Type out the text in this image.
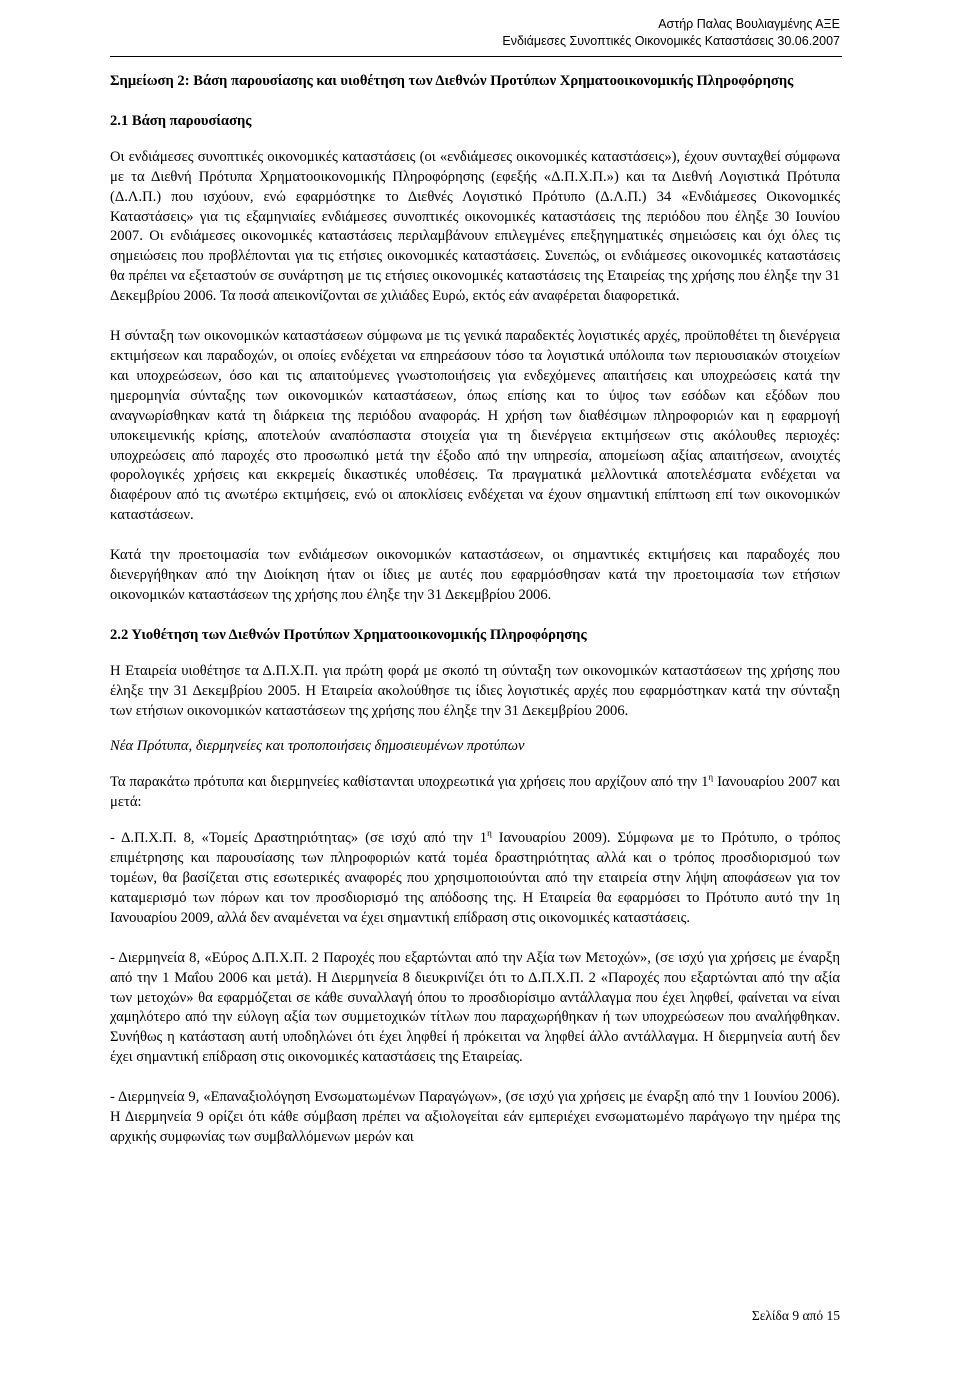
Αστήρ Παλας Βουλιαγμένης ΑΞΕ
Ενδιάμεσες Συνοπτικές Οικονομικές Καταστάσεις 30.06.2007

Σημείωση 2: Βάση παρουσίασης και υιοθέτηση των Διεθνών Προτύπων Χρηματοοικονομικής Πληροφόρησης

2.1 Βάση παρουσίασης

Οι ενδιάμεσες συνοπτικές οικονομικές καταστάσεις (οι «ενδιάμεσες οικονομικές καταστάσεις»), έχουν συνταχθεί σύμφωνα με τα Διεθνή Πρότυπα Χρηματοοικονομικής Πληροφόρησης (εφεξής «Δ.Π.Χ.Π.») και τα Διεθνή Λογιστικά Πρότυπα (Δ.Λ.Π.) που ισχύουν, ενώ εφαρμόστηκε το Διεθνές Λογιστικό Πρότυπο (Δ.Λ.Π.) 34 «Ενδιάμεσες Οικονομικές Καταστάσεις» για τις εξαμηνιαίες ενδιάμεσες συνοπτικές οικονομικές καταστάσεις της περιόδου που έληξε 30 Ιουνίου 2007. Οι ενδιάμεσες οικονομικές καταστάσεις περιλαμβάνουν επιλεγμένες επεξηγηματικές σημειώσεις και όχι όλες τις σημειώσεις που προβλέπονται για τις ετήσιες οικονομικές καταστάσεις. Συνεπώς, οι ενδιάμεσες οικονομικές καταστάσεις θα πρέπει να εξεταστούν σε συνάρτηση με τις ετήσιες οικονομικές καταστάσεις της Εταιρείας της χρήσης που έληξε την 31 Δεκεμβρίου 2006. Τα ποσά απεικονίζονται σε χιλιάδες Ευρώ, εκτός εάν αναφέρεται διαφορετικά.

Η σύνταξη των οικονομικών καταστάσεων σύμφωνα με τις γενικά παραδεκτές λογιστικές αρχές, προϋποθέτει τη διενέργεια εκτιμήσεων και παραδοχών, οι οποίες ενδέχεται να επηρεάσουν τόσο τα λογιστικά υπόλοιπα των περιουσιακών στοιχείων και υποχρεώσεων, όσο και τις απαιτούμενες γνωστοποιήσεις για ενδεχόμενες απαιτήσεις και υποχρεώσεις κατά την ημερομηνία σύνταξης των οικονομικών καταστάσεων, όπως επίσης και το ύψος των εσόδων και εξόδων που αναγνωρίσθηκαν κατά τη διάρκεια της περιόδου αναφοράς. Η χρήση των διαθέσιμων πληροφοριών και η εφαρμογή υποκειμενικής κρίσης, αποτελούν αναπόσπαστα στοιχεία για τη διενέργεια εκτιμήσεων στις ακόλουθες περιοχές: υποχρεώσεις από παροχές στο προσωπικό μετά την έξοδο από την υπηρεσία, απομείωση αξίας απαιτήσεων, ανοιχτές φορολογικές χρήσεις και εκκρεμείς δικαστικές υποθέσεις. Τα πραγματικά μελλοντικά αποτελέσματα ενδέχεται να διαφέρουν από τις ανωτέρω εκτιμήσεις, ενώ οι αποκλίσεις ενδέχεται να έχουν σημαντική επίπτωση επί των οικονομικών καταστάσεων.

Κατά την προετοιμασία των ενδιάμεσων οικονομικών καταστάσεων, οι σημαντικές εκτιμήσεις και παραδοχές που διενεργήθηκαν από την Διοίκηση ήταν οι ίδιες με αυτές που εφαρμόσθησαν κατά την προετοιμασία των ετήσιων οικονομικών καταστάσεων της χρήσης που έληξε την 31 Δεκεμβρίου 2006.

2.2 Υιοθέτηση των Διεθνών Προτύπων Χρηματοοικονομικής Πληροφόρησης

Η Εταιρεία υιοθέτησε τα Δ.Π.Χ.Π. για πρώτη φορά με σκοπό τη σύνταξη των οικονομικών καταστάσεων της χρήσης που έληξε την 31 Δεκεμβρίου 2005. Η Εταιρεία ακολούθησε τις ίδιες λογιστικές αρχές που εφαρμόστηκαν κατά την σύνταξη των ετήσιων οικονομικών καταστάσεων της χρήσης που έληξε την 31 Δεκεμβρίου 2006.

Νέα Πρότυπα, διερμηνείες και τροποποιήσεις δημοσιευμένων προτύπων

Τα παρακάτω πρότυπα και διερμηνείες καθίστανται υποχρεωτικά για χρήσεις που αρχίζουν από την $1^\eta$ Ιανουαρίου 2007 και μετά:

- Δ.Π.Χ.Π. 8, «Τομείς Δραστηριότητας» (σε ισχύ από την $1^\eta$ Ιανουαρίου 2009). Σύμφωνα με το Πρότυπο, ο τρόπος επιμέτρησης και παρουσίασης των πληροφοριών κατά τομέα δραστηριότητας αλλά και ο τρόπος προσδιορισμού των τομέων, θα βασίζεται στις εσωτερικές αναφορές που χρησιμοποιούνται από την εταιρεία στην λήψη αποφάσεων για τον καταμερισμό των πόρων και τον προσδιορισμό της απόδοσης της. Η Εταιρεία θα εφαρμόσει το Πρότυπο αυτό την 1η Ιανουαρίου 2009, αλλά δεν αναμένεται να έχει σημαντική επίδραση στις οικονομικές καταστάσεις.

- Διερμηνεία 8, «Εύρος Δ.Π.Χ.Π. 2 Παροχές που εξαρτώνται από την Αξία των Μετοχών», (σε ισχύ για χρήσεις με έναρξη από την 1 Μαΐου 2006 και μετά). Η Διερμηνεία 8 διευκρινίζει ότι το Δ.Π.Χ.Π. 2 «Παροχές που εξαρτώνται από την αξία των μετοχών» θα εφαρμόζεται σε κάθε συναλλαγή όπου το προσδιορίσιμο αντάλλαγμα που έχει ληφθεί, φαίνεται να είναι χαμηλότερο από την εύλογη αξία των συμμετοχικών τίτλων που παραχωρήθηκαν ή των υποχρεώσεων που αναλήφθηκαν. Συνήθως η κατάσταση αυτή υποδηλώνει ότι έχει ληφθεί ή πρόκειται να ληφθεί άλλο αντάλλαγμα. Η διερμηνεία αυτή δεν έχει σημαντική επίδραση στις οικονομικές καταστάσεις της Εταιρείας.

- Διερμηνεία 9, «Επαναξιολόγηση Ενσωματωμένων Παραγώγων», (σε ισχύ για χρήσεις με έναρξη από την 1 Ιουνίου 2006). Η Διερμηνεία 9 ορίζει ότι κάθε σύμβαση πρέπει να αξιολογείται εάν εμπεριέχει ενσωματωμένο παράγωγο την ημέρα της αρχικής συμφωνίας των συμβαλλόμενων μερών και

Σελίδα 9 από 15
